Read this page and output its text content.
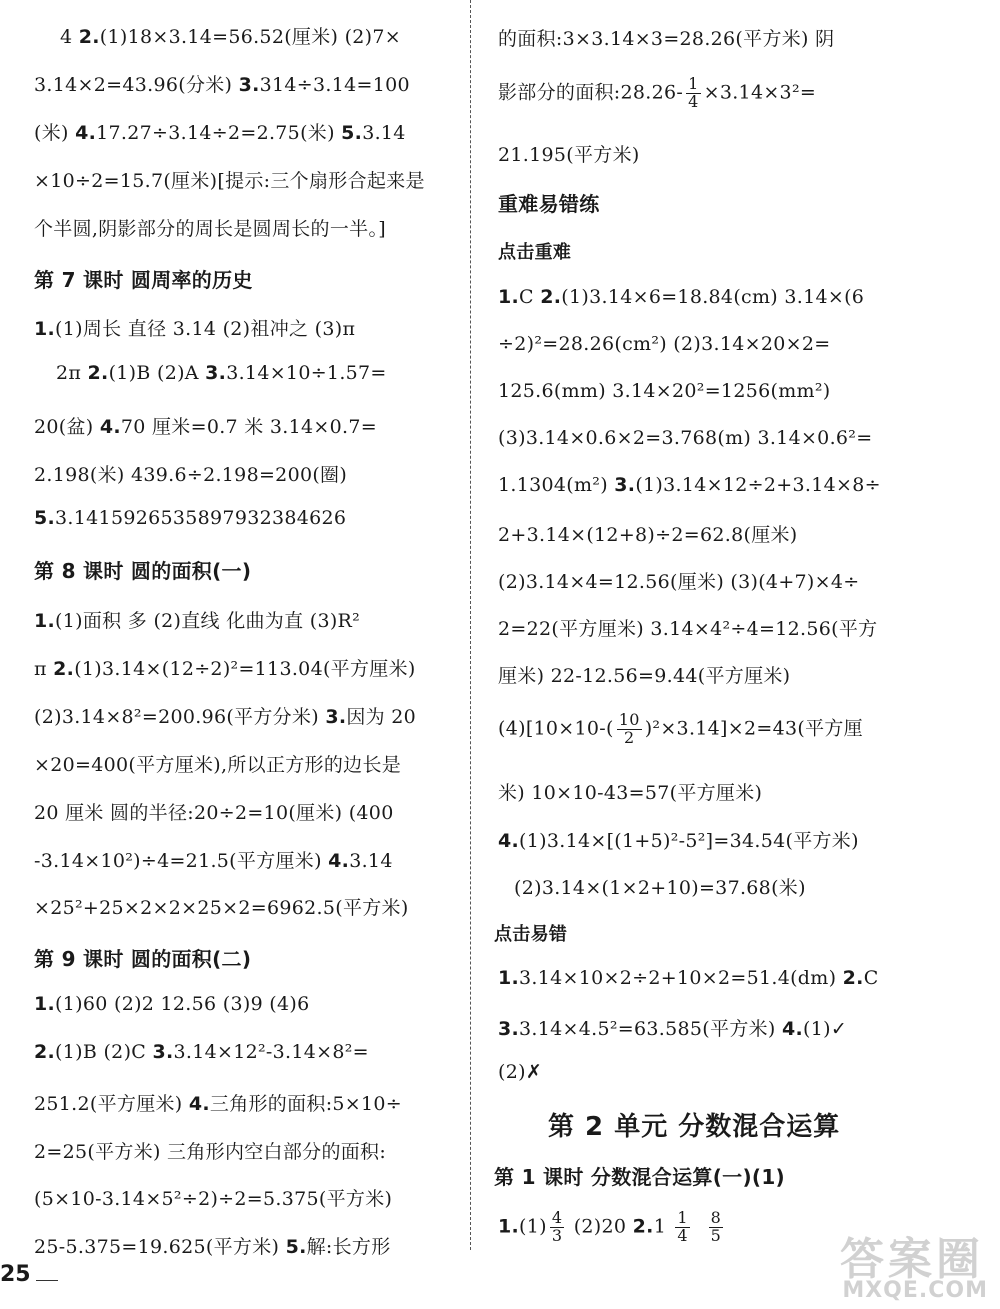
4 2.(1)18×3.14=56.52(厘米) (2)7×
3.14×2=43.96(分米) 3.314÷3.14=100
(米) 4.17.27÷3.14÷2=2.75(米) 5.3.14
×10÷2=15.7(厘米)[提示:三个扇形合起来是
个半圆,阴影部分的周长是圆周长的一半。]
第 7 课时 圆周率的历史
1.(1)周长 直径 3.14 (2)祖冲之 (3)π
2π 2.(1)B (2)A 3.3.14×10÷1.57=
20(盆) 4.70 厘米=0.7 米 3.14×0.7=
2.198(米) 439.6÷2.198=200(圈)
5.3.1415926535897932384626
第 8 课时 圆的面积(一)
1.(1)面积 多 (2)直线 化曲为直 (3)R²
π 2.(1)3.14×(12÷2)²=113.04(平方厘米)
(2)3.14×8²=200.96(平方分米) 3.因为 20
×20=400(平方厘米),所以正方形的边长是
20 厘米 圆的半径:20÷2=10(厘米) (400
-3.14×10²)÷4=21.5(平方厘米) 4.3.14
×25²+25×2×2×25×2=6962.5(平方米)
第 9 课时 圆的面积(二)
1.(1)60 (2)2 12.56 (3)9 (4)6
2.(1)B (2)C 3.3.14×12²-3.14×8²=
251.2(平方厘米) 4.三角形的面积:5×10÷
2=25(平方米) 三角形内空白部分的面积:
(5×10-3.14×5²÷2)÷2=5.375(平方米)
25-5.375=19.625(平方米) 5.解:长方形
25
的面积:3×3.14×3=28.26(平方米) 阴
影部分的面积:28.26- $\frac{1}{4} \times 3.14\times 3^2=$
21.195(平方米)
重难易错练
点击重难
1.C 2.(1)3.14×6=18.84(cm) 3.14×(6
÷2)²=28.26(cm²) (2)3.14×20×2=
125.6(mm) 3.14×20²=1256(mm²)
(3)3.14×0.6×2=3.768(m) 3.14×0.6²=
1.1304(m²) 3.(1)3.14×12÷2+3.14×8÷
2+3.14×(12+8)÷2=62.8(厘米)
(2)3.14×4=12.56(厘米) (3)(4+7)×4÷
2=22(平方厘米) 3.14×4²÷4=12.56(平方
厘米) 22-12.56=9.44(平方厘米)
$(4)[10\times 10-( \frac{10}{2} )^2\times 3.14]\times 2=43$(平方厘
米) 10×10-43=57(平方厘米)
4.(1)3.14×[(1+5)²-5²]=34.54(平方米)
(2)3.14×(1×2+10)=37.68(米)
点击易错
1.3.14×10×2÷2+10×2=51.4(dm) 2.C
3.3.14×4.5²=63.585(平方米) 4.(1)✓
(2)✗
第 2 单元 分数混合运算
第 1 课时 分数混合运算(一)(1)
$1.(1) \frac{4}{3} (2)20$ $2.1 \frac{1}{4}$
$\frac{8}{5}$
答案圈
MXQE.COM
